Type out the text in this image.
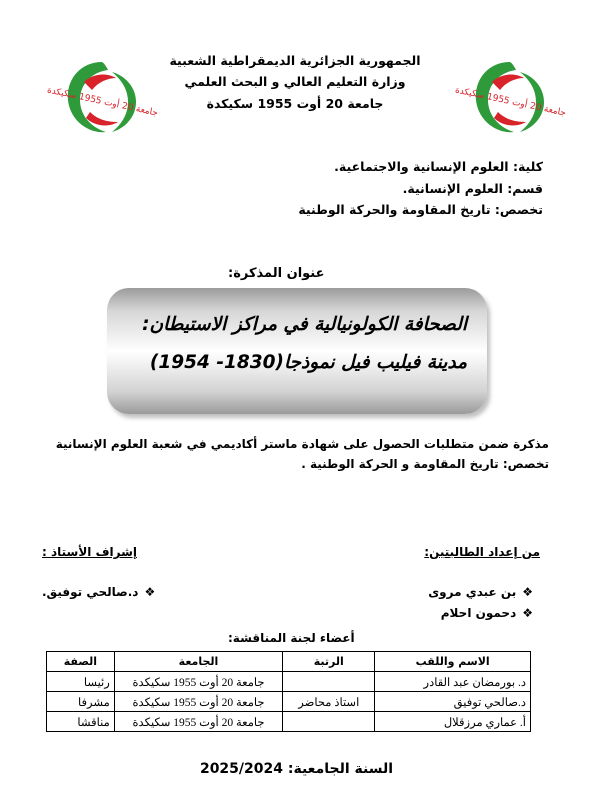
جامعة 20 أوت 1955 سكيكدة
جامعة 20 أوت 1955 سكيكدة
الجمهورية الجزائرية الديمقراطية الشعبية
وزارة التعليم العالي و البحث العلمي
جامعة 20 أوت 1955 سكيكدة
كلية: العلوم الإنسانية والاجتماعية.
قسم: العلوم الإنسانية.
تخصص: تاريخ المقاومة والحركة الوطنية
عنوان المذكرة:
الصحافة الكولونيالية في مراكز الاستيطان:
مدينة فيليب فيل نموذجا(1830- 1954)
مذكرة ضمن متطلبات الحصول على شهادة ماستر أكاديمي في شعبة العلوم الإنسانية
تخصص: تاريخ المقاومة و الحركة الوطنية .
من إعداد الطالبتين:
إشراف الأستاذ :
❖بن عبدي مروى
❖دحمون احلام
❖د.صالحي توفيق.
أعضاء لجنة المناقشة:
الاسم واللقب	الرتبة	الجامعة	الصفة
د. بورمضان عبد القادر		جامعة 20 أوت 1955 سكيكدة	رئيسا
د.صالحي توفيق	استاذ محاضر	جامعة 20 أوت 1955 سكيكدة	مشرفا
أ. عماري مرزقلال		جامعة 20 أوت 1955 سكيكدة	مناقشا
السنة الجامعية: 2025/2024
